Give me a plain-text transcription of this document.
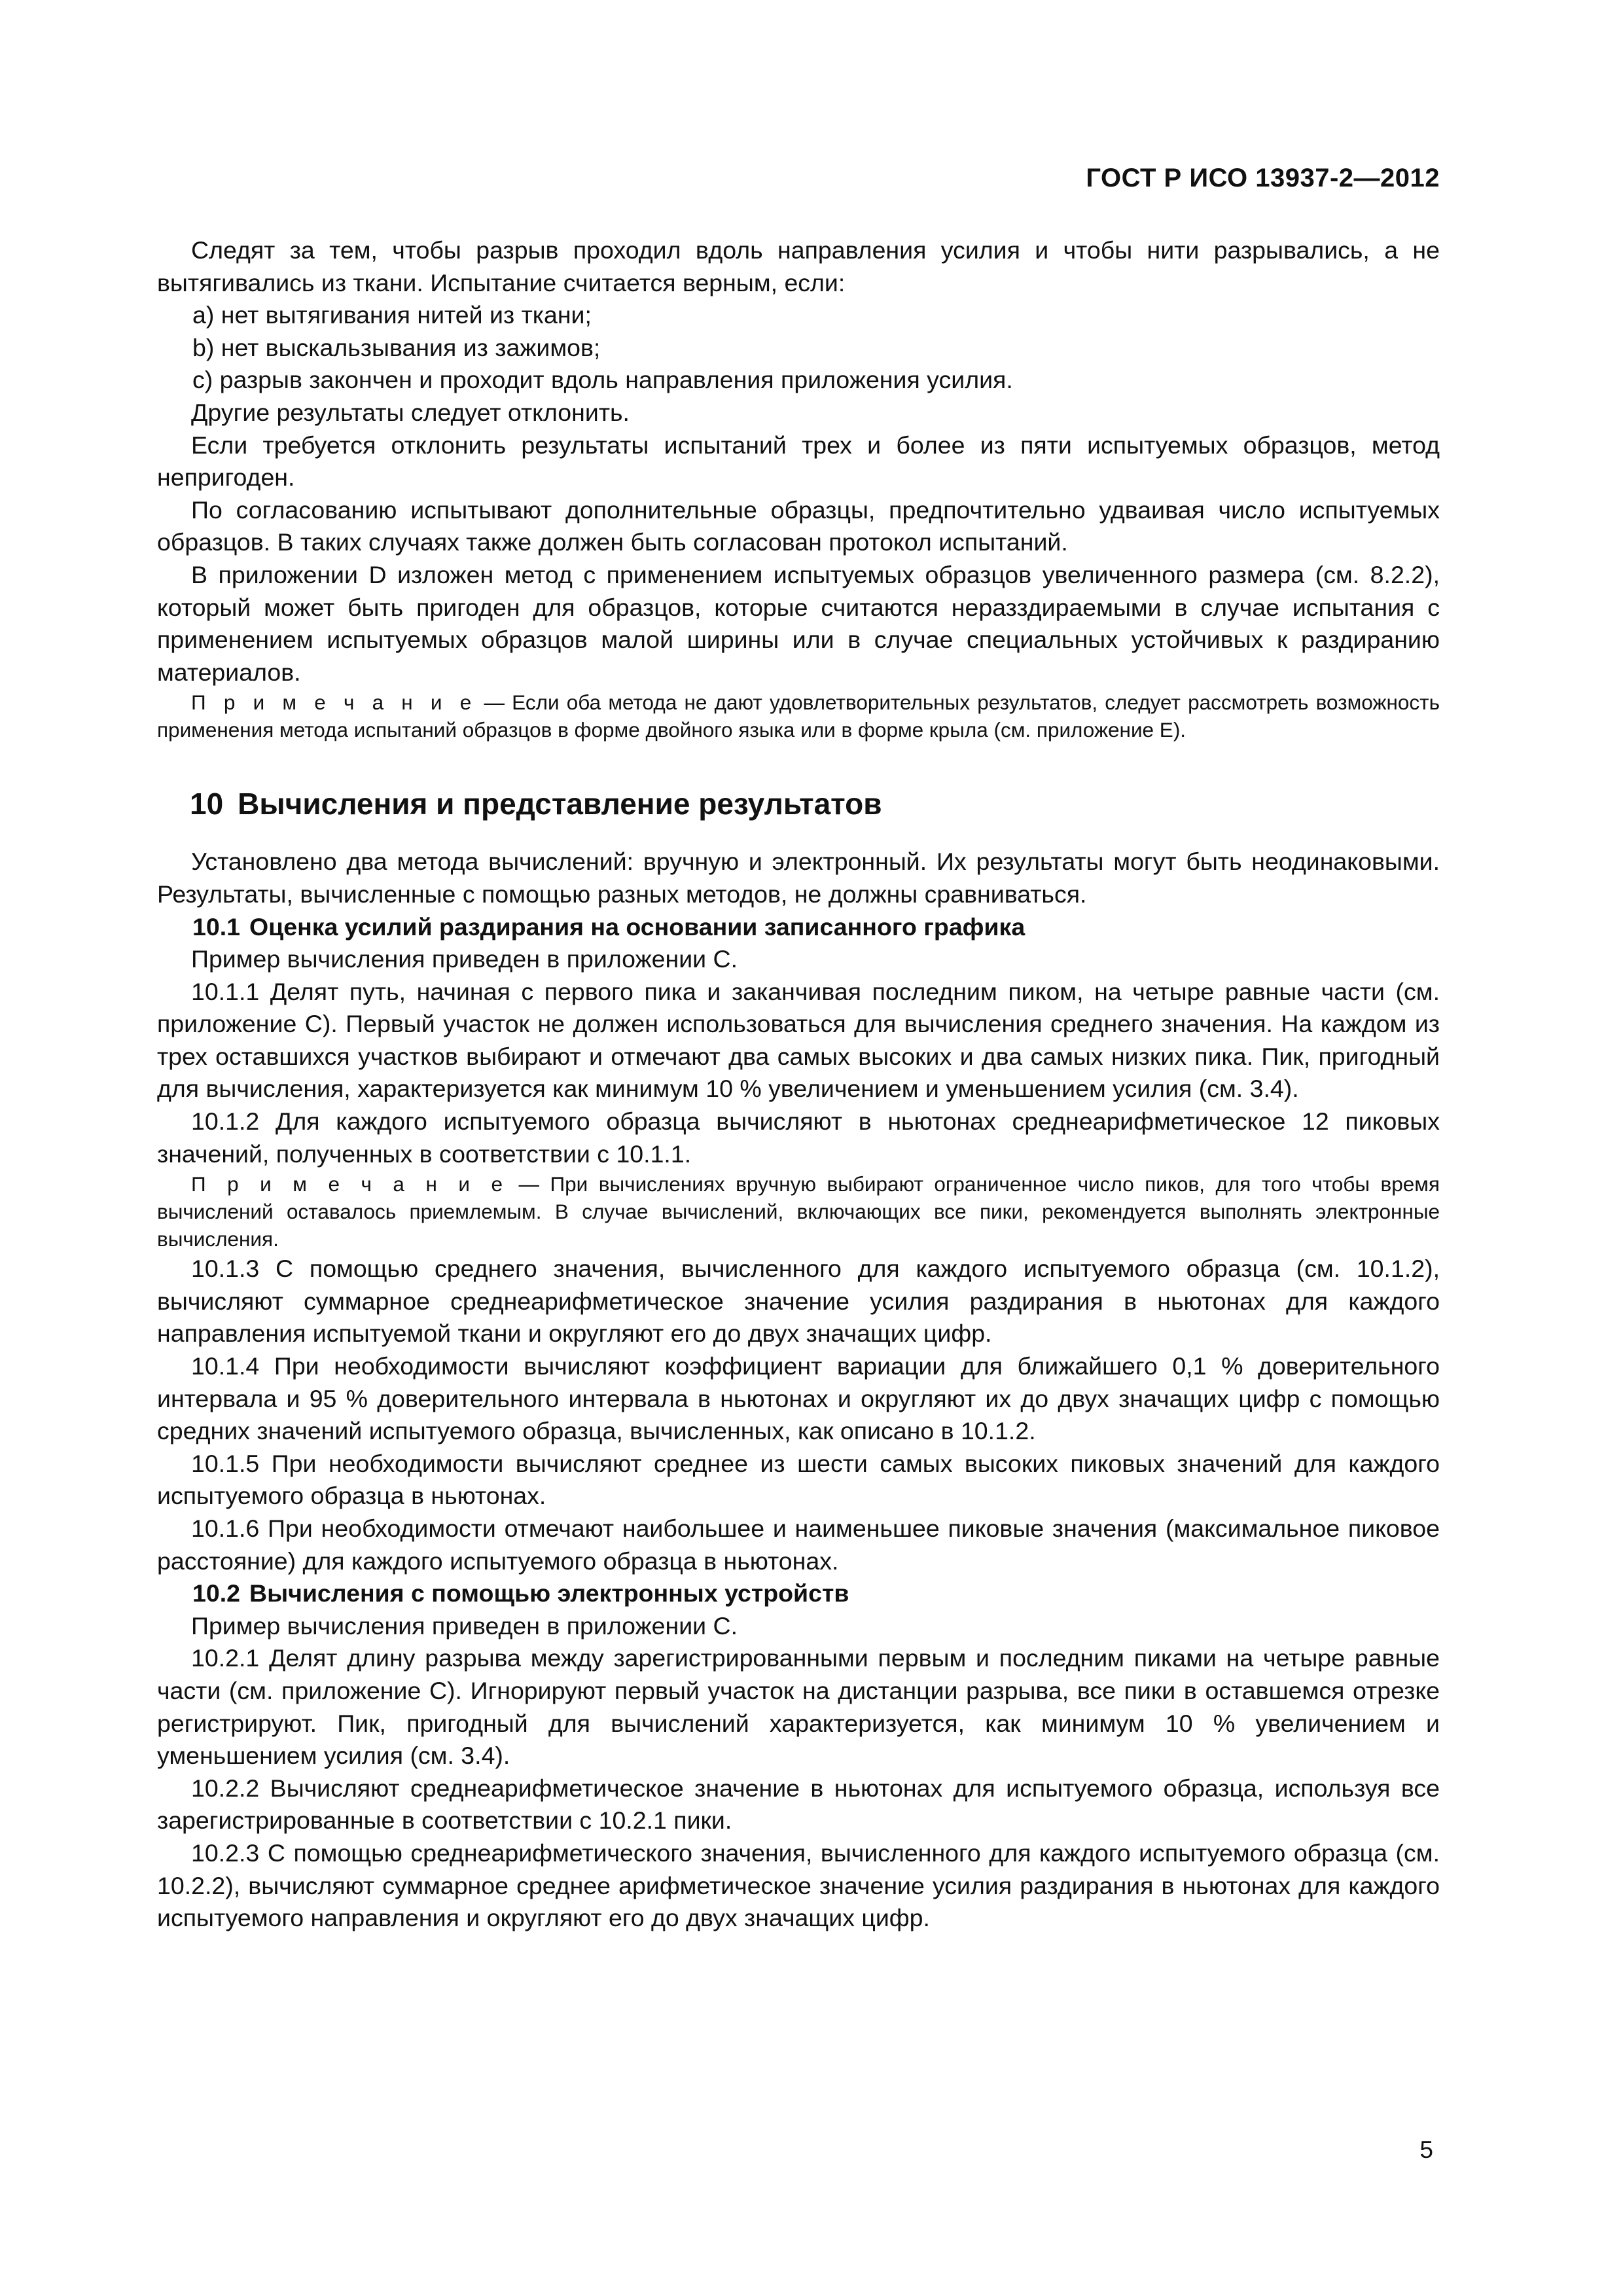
ГОСТ Р ИСО 13937-2—2012

Следят за тем, чтобы разрыв проходил вдоль направления усилия и чтобы нити разрывались, а не вытягивались из ткани. Испытание считается верным, если:

a) нет вытягивания нитей из ткани;

b) нет выскальзывания из зажимов;

c) разрыв закончен и проходит вдоль направления приложения усилия.

Другие результаты следует отклонить.

Если требуется отклонить результаты испытаний трех и более из пяти испытуемых образцов, метод непригоден.

По согласованию испытывают дополнительные образцы, предпочтительно удваивая число испытуемых образцов. В таких случаях также должен быть согласован протокол испытаний.

В приложении D изложен метод с применением испытуемых образцов увеличенного размера (см. 8.2.2), который может быть пригоден для образцов, которые считаются неразздираемыми в случае испытания с применением испытуемых образцов малой ширины или в случае специальных устойчивых к раздиранию материалов.

П р и м е ч а н и е — Если оба метода не дают удовлетворительных результатов, следует рассмотреть возможность применения метода испытаний образцов в форме двойного языка или в форме крыла (см. приложение Е).

10 Вычисления и представление результатов

Установлено два метода вычислений: вручную и электронный. Их результаты могут быть неодинаковыми. Результаты, вычисленные с помощью разных методов, не должны сравниваться.

10.1 Оценка усилий раздирания на основании записанного графика

Пример вычисления приведен в приложении С.

10.1.1 Делят путь, начиная с первого пика и заканчивая последним пиком, на четыре равные части (см. приложение С). Первый участок не должен использоваться для вычисления среднего значения. На каждом из трех оставшихся участков выбирают и отмечают два самых высоких и два самых низких пика. Пик, пригодный для вычисления, характеризуется как минимум 10 % увеличением и уменьшением усилия (см. 3.4).

10.1.2 Для каждого испытуемого образца вычисляют в ньютонах среднеарифметическое 12 пиковых значений, полученных в соответствии с 10.1.1.

П р и м е ч а н и е — При вычислениях вручную выбирают ограниченное число пиков, для того чтобы время вычислений оставалось приемлемым. В случае вычислений, включающих все пики, рекомендуется выполнять электронные вычисления.

10.1.3 С помощью среднего значения, вычисленного для каждого испытуемого образца (см. 10.1.2), вычисляют суммарное среднеарифметическое значение усилия раздирания в ньютонах для каждого направления испытуемой ткани и округляют его до двух значащих цифр.

10.1.4 При необходимости вычисляют коэффициент вариации для ближайшего 0,1 % доверительного интервала и 95 % доверительного интервала в ньютонах и округляют их до двух значащих цифр с помощью средних значений испытуемого образца, вычисленных, как описано в 10.1.2.

10.1.5 При необходимости вычисляют среднее из шести самых высоких пиковых значений для каждого испытуемого образца в ньютонах.

10.1.6 При необходимости отмечают наибольшее и наименьшее пиковые значения (максимальное пиковое расстояние) для каждого испытуемого образца в ньютонах.

10.2 Вычисления с помощью электронных устройств

Пример вычисления приведен в приложении С.

10.2.1 Делят длину разрыва между зарегистрированными первым и последним пиками на четыре равные части (см. приложение С). Игнорируют первый участок на дистанции разрыва, все пики в оставшемся отрезке регистрируют. Пик, пригодный для вычислений характеризуется, как минимум 10 % увеличением и уменьшением усилия (см. 3.4).

10.2.2 Вычисляют среднеарифметическое значение в ньютонах для испытуемого образца, используя все зарегистрированные в соответствии с 10.2.1 пики.

10.2.3 С помощью среднеарифметического значения, вычисленного для каждого испытуемого образца (см. 10.2.2), вычисляют суммарное среднее арифметическое значение усилия раздирания в ньютонах для каждого испытуемого направления и округляют его до двух значащих цифр.

5
